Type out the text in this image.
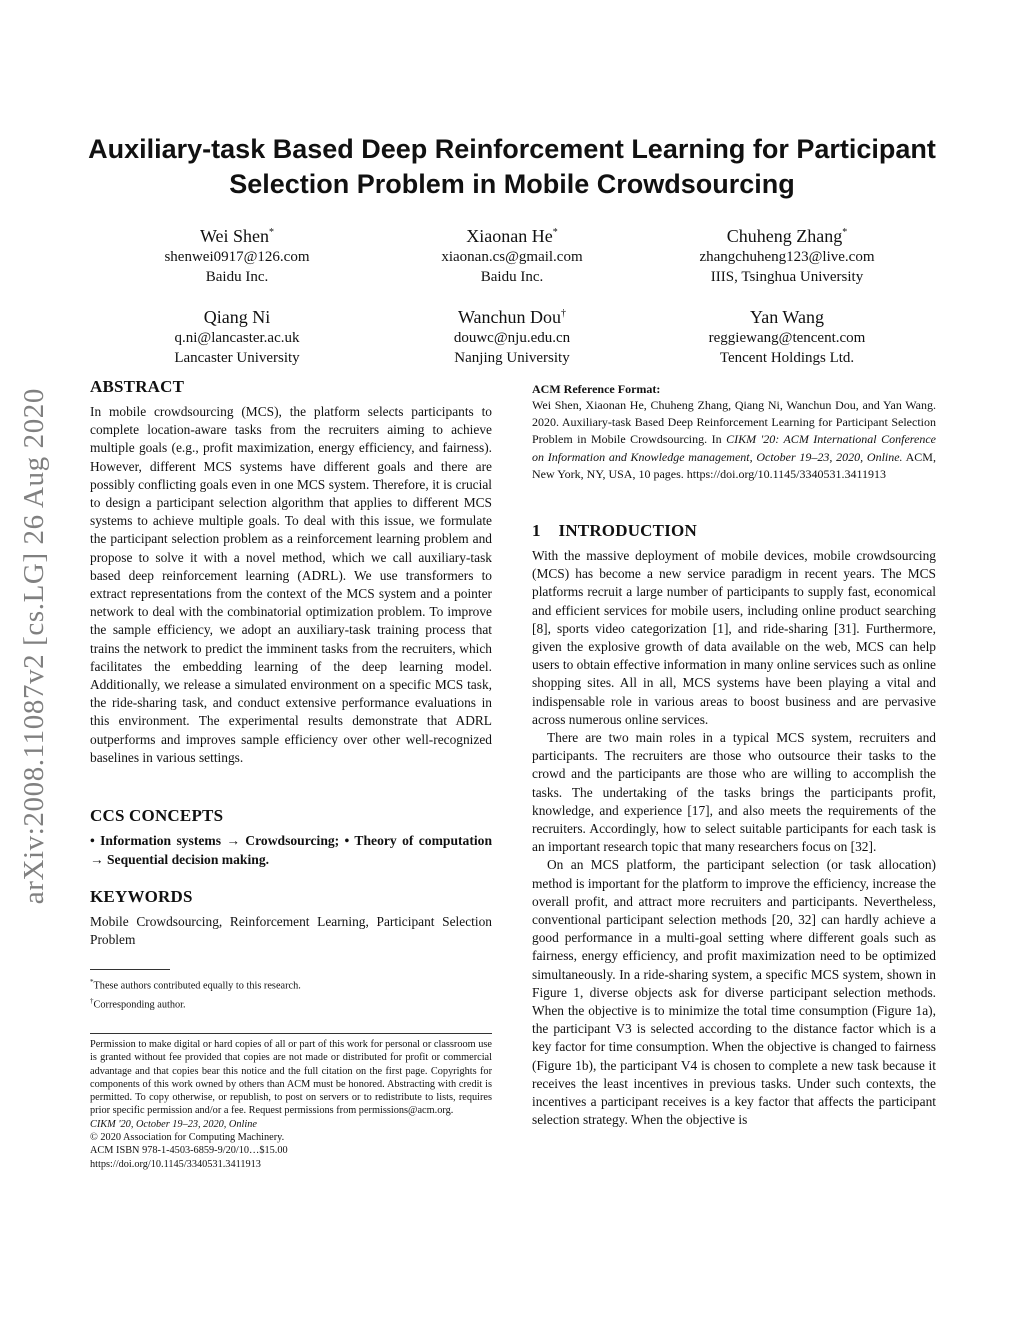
arXiv:2008.11087v2 [cs.LG] 26 Aug 2020
Auxiliary-task Based Deep Reinforcement Learning for Participant Selection Problem in Mobile Crowdsourcing
Wei Shen*
shenwei0917@126.com
Baidu Inc.
Xiaonan He*
xiaonan.cs@gmail.com
Baidu Inc.
Chuheng Zhang*
zhangchuheng123@live.com
IIIS, Tsinghua University
Qiang Ni
q.ni@lancaster.ac.uk
Lancaster University
Wanchun Dou†
douwc@nju.edu.cn
Nanjing University
Yan Wang
reggiewang@tencent.com
Tencent Holdings Ltd.
ABSTRACT

In mobile crowdsourcing (MCS), the platform selects participants to complete location-aware tasks from the recruiters aiming to achieve multiple goals (e.g., profit maximization, energy efficiency, and fairness). However, different MCS systems have different goals and there are possibly conflicting goals even in one MCS system. Therefore, it is crucial to design a participant selection algorithm that applies to different MCS systems to achieve multiple goals. To deal with this issue, we formulate the participant selection problem as a reinforcement learning problem and propose to solve it with a novel method, which we call auxiliary-task based deep reinforcement learning (ADRL). We use transformers to extract representations from the context of the MCS system and a pointer network to deal with the combinatorial optimization problem. To improve the sample efficiency, we adopt an auxiliary-task training process that trains the network to predict the imminent tasks from the recruiters, which facilitates the embedding learning of the deep learning model. Additionally, we release a simulated environment on a specific MCS task, the ride-sharing task, and conduct extensive performance evaluations in this environment. The experimental results demonstrate that ADRL outperforms and improves sample efficiency over other well-recognized baselines in various settings.

CCS CONCEPTS

• Information systems → Crowdsourcing; • Theory of computation → Sequential decision making.

KEYWORDS

Mobile Crowdsourcing, Reinforcement Learning, Participant Selection Problem

*These authors contributed equally to this research.
†Corresponding author.

Permission to make digital or hard copies of all or part of this work for personal or classroom use is granted without fee provided that copies are not made or distributed for profit or commercial advantage and that copies bear this notice and the full citation on the first page. Copyrights for components of this work owned by others than ACM must be honored. Abstracting with credit is permitted. To copy otherwise, or republish, to post on servers or to redistribute to lists, requires prior specific permission and/or a fee. Request permissions from permissions@acm.org.

CIKM '20, October 19–23, 2020, Online

© 2020 Association for Computing Machinery.

ACM ISBN 978-1-4503-6859-9/20/10…$15.00

https://doi.org/10.1145/3340531.3411913

ACM Reference Format:

Wei Shen, Xiaonan He, Chuheng Zhang, Qiang Ni, Wanchun Dou, and Yan Wang. 2020. Auxiliary-task Based Deep Reinforcement Learning for Participant Selection Problem in Mobile Crowdsourcing. In CIKM '20: ACM International Conference on Information and Knowledge management, October 19–23, 2020, Online. ACM, New York, NY, USA, 10 pages. https://doi.org/10.1145/3340531.3411913

1    INTRODUCTION

With the massive deployment of mobile devices, mobile crowdsourcing (MCS) has become a new service paradigm in recent years. The MCS platforms recruit a large number of participants to supply fast, economical and efficient services for mobile users, including online product searching [8], sports video categorization [1], and ride-sharing [31]. Furthermore, given the explosive growth of data available on the web, MCS can help users to obtain effective information in many online services such as online shopping sites. All in all, MCS systems have been playing a vital and indispensable role in various areas to boost business and are pervasive across numerous online services.

There are two main roles in a typical MCS system, recruiters and participants. The recruiters are those who outsource their tasks to the crowd and the participants are those who are willing to accomplish the tasks. The undertaking of the tasks brings the participants profit, knowledge, and experience [17], and also meets the requirements of the recruiters. Accordingly, how to select suitable participants for each task is an important research topic that many researchers focus on [32].

On an MCS platform, the participant selection (or task allocation) method is important for the platform to improve the efficiency, increase the overall profit, and attract more recruiters and participants. Nevertheless, conventional participant selection methods [20, 32] can hardly achieve a good performance in a multi-goal setting where different goals such as fairness, energy efficiency, and profit maximization need to be optimized simultaneously. In a ride-sharing system, a specific MCS system, shown in Figure 1, diverse objects ask for diverse participant selection methods. When the objective is to minimize the total time consumption (Figure 1a), the participant V3 is selected according to the distance factor which is a key factor for time consumption. When the objective is changed to fairness (Figure 1b), the participant V4 is chosen to complete a new task because it receives the least incentives in previous tasks. Under such contexts, the incentives a participant receives is a key factor that affects the participant selection strategy. When the objective is
